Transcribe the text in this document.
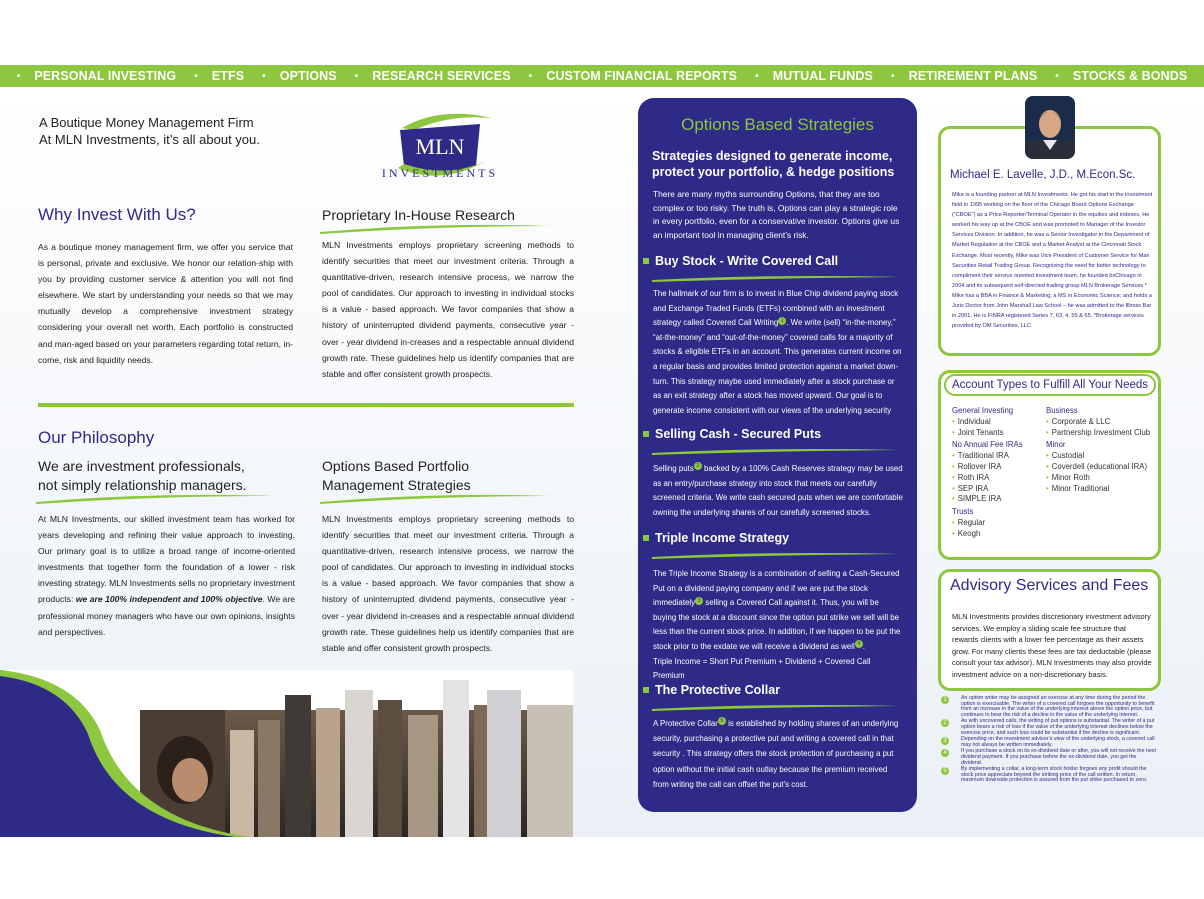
• PERSONAL INVESTING • ETFS • OPTIONS • RESEARCH SERVICES • CUSTOM FINANCIAL REPORTS • MUTUAL FUNDS • RETIREMENT PLANS • STOCKS & BONDS
A Boutique Money Management Firm
At MLN Investments, it’s all about you.	MLN
INVESTMENTS
Why Invest With Us?
As a boutique money management firm, we offer you service that is personal, private and exclusive. We honor our relation-ship with you by providing customer service & attention you will not find elsewhere. We start by understanding your needs so that we may mutually develop a comprehensive investment strategy considering your overall net worth. Each portfolio is constructed and man-aged based on your parameters regarding total return, in-come, risk and liquidity needs.
Proprietary In-House Research
MLN Investments employs proprietary screening methods to identify securities that meet our investment criteria. Through a quantitative-driven, research intensive process, we narrow the pool of candidates. Our approach to investing in individual stocks is a value - based approach. We favor companies that show a history of uninterrupted dividend payments, consecutive year - over - year dividend in-creases and a respectable annual dividend growth rate. These guidelines help us identify companies that are stable and offer consistent growth prospects.
Our Philosophy
We are investment professionals,
not simply relationship managers.
At MLN Investments, our skilled investment team has worked for years developing and refining their value approach to investing. Our primary goal is to utilize a broad range of income-oriented investments that together form the foundation of a lower - risk investing strategy. MLN Investments sells no proprietary investment products: we are 100% independent and 100% objective. We are professional money managers who have our own opinions, insights and perspectives.
Options Based Portfolio
Management Strategies
MLN Investments employs proprietary screening methods to identify securities that meet our investment criteria. Through a quantitative-driven, research intensive process, we narrow the pool of candidates. Our approach to investing in individual stocks is a value - based approach. We favor companies that show a history of uninterrupted dividend payments, consecutive year - over - year dividend in-creases and a respectable annual dividend growth rate. These guidelines help us identify companies that are stable and offer consistent growth prospects.
Options Based Strategies
Strategies designed to generate income, protect your portfolio, & hedge positions
There are many myths surrounding Options, that they are too complex or too risky. The truth is, Options can play a strategic role in every portfolio, even for a conservative investor. Options give us an important tool in managing client’s risk.
Buy Stock - Write Covered Call
The hallmark of our firm is to invest in Blue Chip dividend paying stock and Exchange Traded Funds (ETFs) combined with an investment strategy called Covered Call Writing 1 . We write (sell) “in-the-money,” “at-the-money” and “out-of-the-money” covered calls for a majority of stocks & eligible ETFs in an account. This generates current income on a regular basis and provides limited protection against a market down-turn. This strategy maybe used immediately after a stock purchase or as an exit strategy after a stock has moved upward. Our goal is to generate income consistent with our views of the underlying security
Selling Cash - Secured Puts
Selling puts 2 backed by a 100% Cash Reserves strategy may be used as an entry/purchase strategy into stock that meets our carefully screened criteria. We write cash secured puts when we are comfortable owning the underlying shares of our carefully screened stocks.
Triple Income Strategy
The Triple Income Strategy is a combination of selling a Cash-Secured Put on a dividend paying company and if we are put the stock immediately 3 selling a Covered Call against it. Thus, you will be buying the stock at a discount since the option put strike we sell will be less than the current stock price. In addition, if we happen to be put the stock prior to the exdate we will receive a dividend as well 4 .
Triple Income = Short Put Premium + Dividend + Covered Call Premium
The Protective Collar
A Protective Collar 5 is established by holding shares of an underlying security, purchasing a protective put and writing a covered call in that security . This strategy offers the stock protection of purchasing a put option without the initial cash outlay because the premium received from writing the call can offset the put’s cost.
Michael E. Lavelle, J.D., M.Econ.Sc.
Mike is a founding partner at MLN Investments. He got his start in the investment field in 1995 working on the floor of the Chicago Board Options Exchange (“CBOE”) as a Price Reporter/Terminal Operator in the equities and indexes. He worked his way up at the CBOE and was promoted to Manager of the Investor Services Division. In addition, he was a Senior Investigator in the Department of Market Regulation at the CBOE and a Market Analyst at the Cincinnati Stock Exchange. Most recently, Mike was Vice President of Customer Service for Man Securities Retail Trading Group. Recognizing the need for better technology to compliment their service oriented investment team, he founded bxChicago in 2004 and its subsequent self-directed trading group MLN Brokerage Services.* Mike has a BBA in Finance & Marketing; a MS in Economic Science; and holds a Juris Doctor from John Marshall Law School – he was admitted to the Illinois Bar in 2001. He is FINRA registered Series 7, 63, 4, 55 & 65. *Brokerage services provided by OM Securities, LLC
Account Types to Fulfill All Your Needs
General Investing
• Individual
• Joint Tenants
No Annual Fee IRAs
• Traditional IRA
• Rollover IRA
• Roth IRA
• SEP IRA
• SIMPLE IRA
Trusts
• Regular
• Keogh
Business
• Corporate & LLC
• Partnership Investment Club
Minor
• Custodial
• Coverdell (educational IRA)
• Minor Roth
• Minor Traditional
Advisory Services and Fees
MLN Investments provides discretionary investment advisory services. We employ a sliding scale fee structure that rewards clients with a lower fee percentage as their assets grow. For many clients these fees are tax deductable (please consult your tax advisor). MLN Investments may also provide investment advice on a non-discretionary basis.
1	An option writer may be assigned an exercise at any time during the period the option is exercisable. The writer of a covered call forgoes the opportunity to benefit from an increase in the value of the underlying interest above the option price, but continues to bear the risk of a decline in the value of the underlying interest.
2	As with uncovered calls, the writing of put options is substantial. The writer of a put option bears a risk of loss if the value of the underlying interest declines below the exercise price, and such loss could be substantial if the decline is significant.
3	Depending on the investment advisor’s view of the underlying stock, a covered call may not always be written immediately.
4	If you purchase a stock on its ex-dividend date or after, you will not receive the next dividend payment. If you purchase before the ex-dividend date, you get the dividend.
5	By implementing a collar, a long-term stock holder forgoes any profit should the stock price appreciate beyond the striking price of the call written. In return, maximum downside protection is assured from the put strike purchased to zero.
